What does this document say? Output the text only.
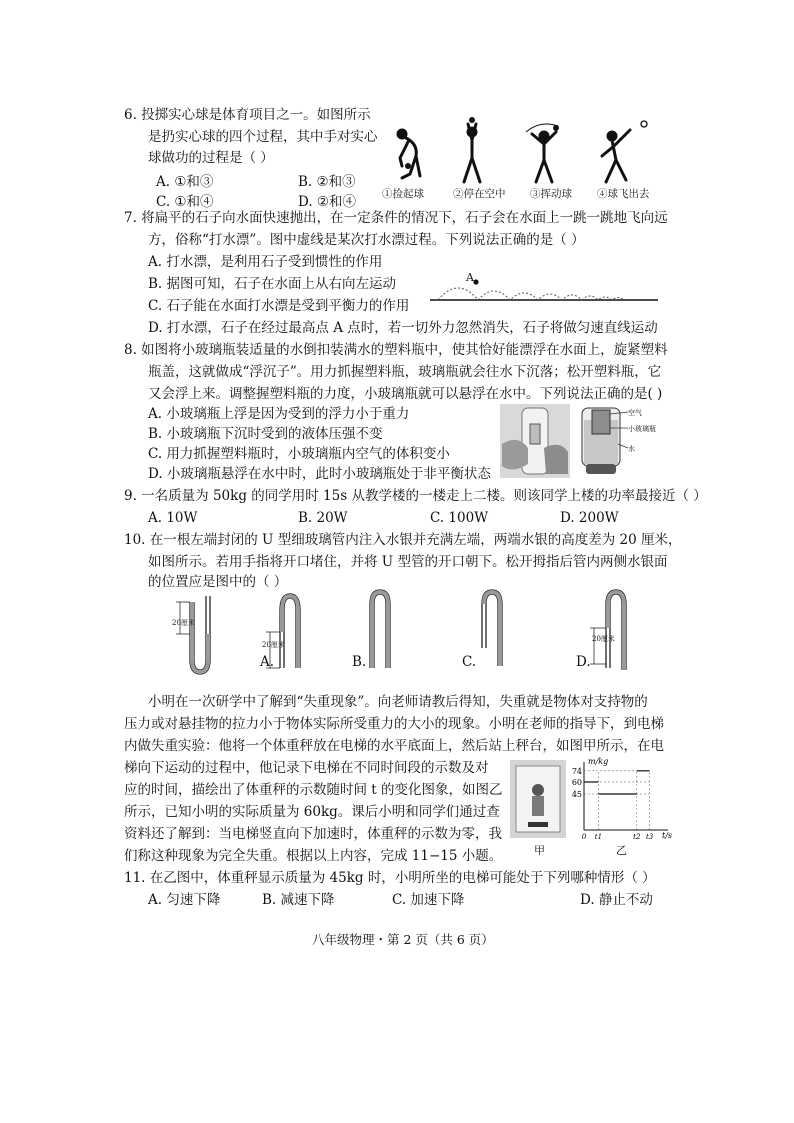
6. 投掷实心球是体育项目之一。如图所示
是扔实心球的四个过程，其中手对实心
球做功的过程是（ ）
A. ①和③	B. ②和③
C. ①和④	D. ②和④ ①捡起球	②停在空中 ③挥动球 ④球飞出去
7. 将扁平的石子向水面快速抛出，在一定条件的情况下，石子会在水面上一跳一跳地飞向远
方，俗称“打水漂”。图中虚线是某次打水漂过程。下列说法正确的是（ ）
A. 打水漂，是利用石子受到惯性的作用
B. 据图可知，石子在水面上从右向左运动
C. 石子能在水面打水漂是受到平衡力的作用
D. 打水漂，石子在经过最高点 A 点时，若一切外力忽然消失，石子将做匀速直线运动
A
8. 如图将小玻璃瓶装适量的水倒扣装满水的塑料瓶中，使其恰好能漂浮在水面上，旋紧塑料
瓶盖，这就做成“浮沉子”。用力抓握塑料瓶，玻璃瓶就会往水下沉落；松开塑料瓶，它
又会浮上来。调整握塑料瓶的力度，小玻璃瓶就可以悬浮在水中。下列说法正确的是( )
A. 小玻璃瓶上浮是因为受到的浮力小于重力
B. 小玻璃瓶下沉时受到的液体压强不变
C. 用力抓握塑料瓶时，小玻璃瓶内空气的体积变小
D. 小玻璃瓶悬浮在水中时，此时小玻璃瓶处于非平衡状态
空气
小玻璃瓶
水
9. 一名质量为 50kg 的同学用时 15s 从教学楼的一楼走上二楼。则该同学上楼的功率最接近（ ）
A. 10W	B. 20W	C. 100W	D. 200W
10. 在一根左端封闭的 U 型细玻璃管内注入水银并充满左端，两端水银的高度差为 20 厘米，
如图所示。若用手指将开口堵住，并将 U 型管的开口朝下。松开拇指后管内两侧水银面
的位置应是图中的（ ）
20厘米
20厘米
20厘米
A.	B.	C.	D.
小明在一次研学中了解到“失重现象”。向老师请教后得知，失重就是物体对支持物的
压力或对悬挂物的拉力小于物体实际所受重力的大小的现象。小明在老师的指导下，到电梯
内做失重实验：他将一个体重秤放在电梯的水平底面上，然后站上秤台，如图甲所示，在电
梯向下运动的过程中，他记录下电梯在不同时间段的示数及对
应的时间，描绘出了体重秤的示数随时间 t 的变化图象，如图乙
所示，已知小明的实际质量为 60kg。课后小明和同学们通过查
资料还了解到：当电梯竖直向下加速时，体重秤的示数为零，我
们称这种现象为完全失重。根据以上内容，完成 11−15 小题。	甲
m/kg
t/s
74
60
45
0 t1	t2 t3
乙
11. 在乙图中，体重秤显示质量为 45kg 时，小明所坐的电梯可能处于下列哪种情形（ ）
A. 匀速下降	B. 减速下降	C. 加速下降	D. 静止不动
八年级物理・第 2 页（共 6 页）
